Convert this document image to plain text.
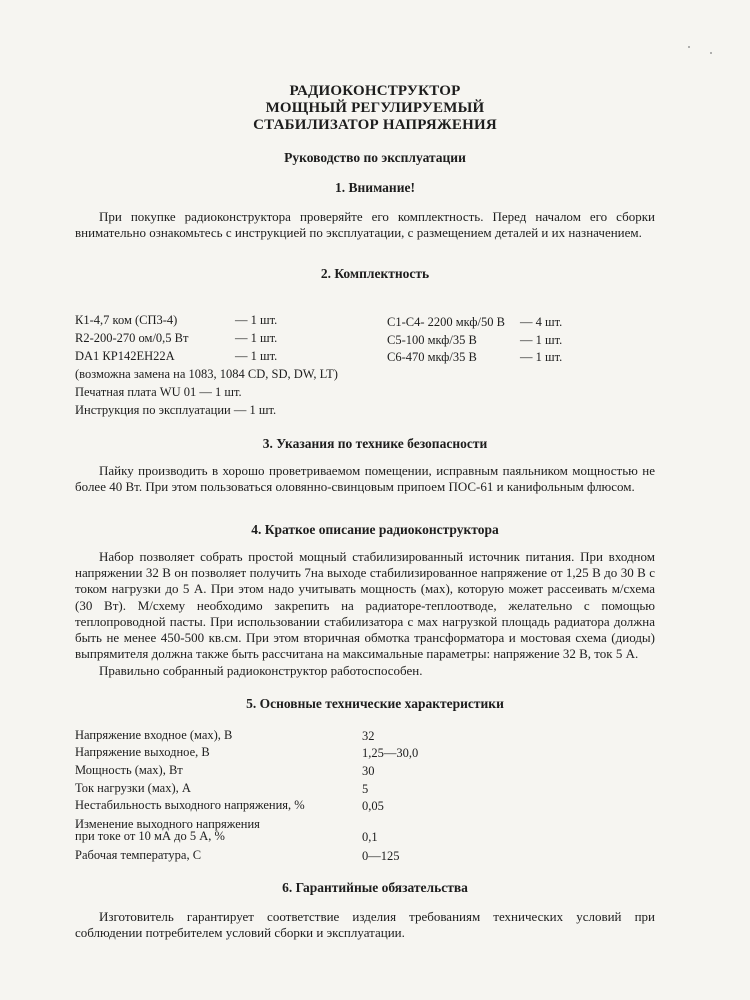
РАДИОКОНСТРУКТОР
МОЩНЫЙ РЕГУЛИРУЕМЫЙ
СТАБИЛИЗАТОР НАПРЯЖЕНИЯ
Руководство по эксплуатации
1. Внимание!
При покупке радиоконструктора проверяйте его комплектность. Перед началом его сборки внимательно ознакомьтесь с инструкцией по эксплуатации, с размещением деталей и их назначением.
2. Комплектность
К1-4,7 ком (СП3-4)	— 1 шт.
R2-200-270 ом/0,5 Вт	— 1 шт.
DA1 КР142ЕН22А	— 1 шт.
(возможна замена на 1083, 1084 CD, SD, DW, LT)
Печатная плата WU 01 — 1 шт.
Инструкция по эксплуатации — 1 шт.
С1-С4- 2200 мкф/50 В — 4 шт.
С5-100 мкф/35 В	— 1 шт.
С6-470 мкф/35 В	— 1 шт.
3. Указания по технике безопасности
Пайку производить в хорошо проветриваемом помещении, исправным паяльником мощностью не более 40 Вт. При этом пользоваться оловянно-свинцовым припоем ПОС-61 и канифольным флюсом.
4. Краткое описание радиоконструктора
Набор позволяет собрать простой мощный стабилизированный источник питания. При входном напряжении 32 В он позволяет получить 7на выходе стабилизированное напряжение от 1,25 В до 30 В с током нагрузки до 5 А. При этом надо учитывать мощность (мах), которую может рассеивать м/схема (30 Вт). М/схему необходимо закрепить на радиаторе-теплоотводе, желательно с помощью теплопроводной пасты. При использовании стабилизатора с мах нагрузкой площадь радиатора должна быть не менее 450-500 кв.см. При этом вторичная обмотка трансформатора и мостовая схема (диоды) выпрямителя должна также быть рассчитана на максимальные параметры: напряжение 32 В, ток 5 А.
Правильно собранный радиоконструктор работоспособен.
5. Основные технические характеристики
Напряжение входное (мах), В	32
Напряжение выходное, В	1,25—30,0
Мощность (мах), Вт	30
Ток нагрузки (мах), А	5
Нестабильность выходного напряжения, %	0,05
Изменение выходного напряжения
при токе от 10 мА до 5 А, %	0,1
Рабочая температура, С	0—125
6. Гарантийные обязательства
Изготовитель гарантирует соответствие изделия требованиям технических условий при соблюдении потребителем условий сборки и эксплуатации.
